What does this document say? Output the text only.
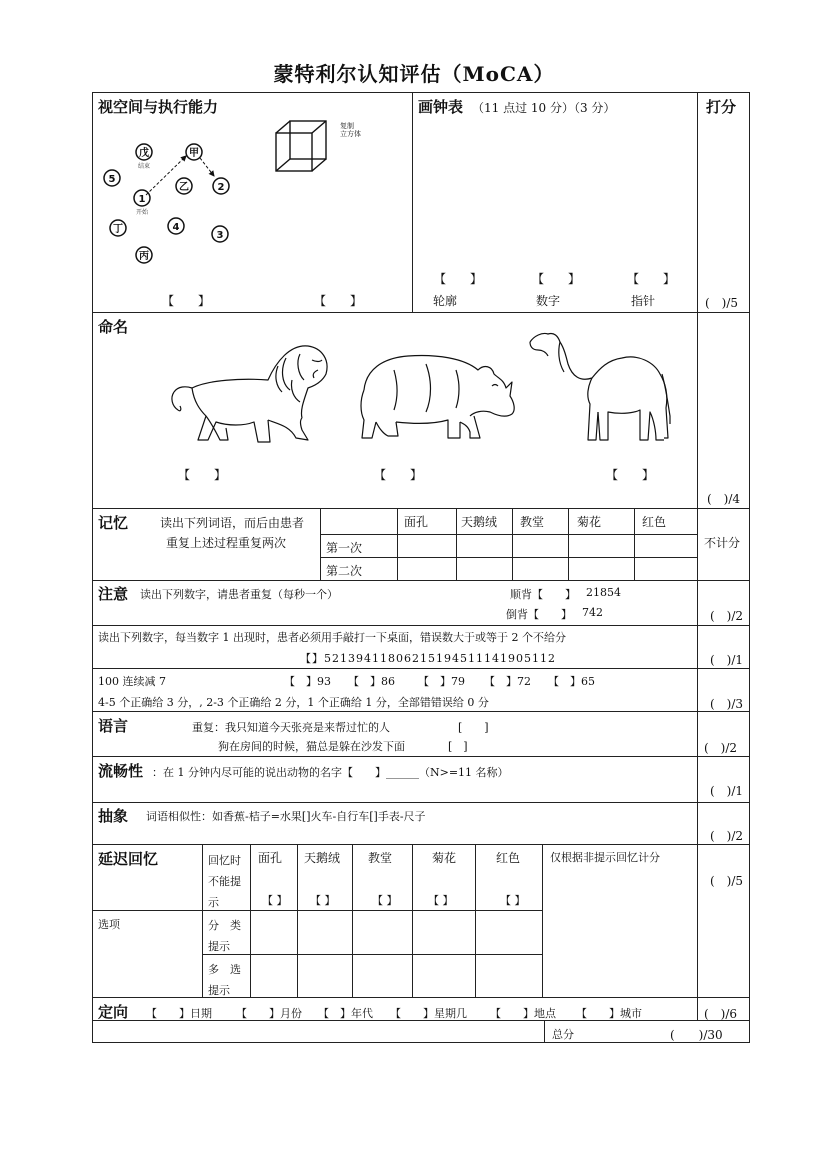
蒙特利尔认知评估（MoCA）
视空间与执行能力	画钟表 （11 点过 10 分）（3 分）	打分
复制
立方体
戊	甲
5
乙	2
1
丁	4
3
丙
结束
开始
【　　】	【　　】
【　　】	【　　】	【　　】
轮廓	数字	指针	(　)/5
命名
【　　】	【　　】	【　　】
(　)/4
记忆	读出下列词语，而后由患者
重复上述过程重复两次
面孔	天鹅绒 教堂	菊花	红色
第一次
第二次
不计分
注意 读出下列数字，请患者重复（每秒一个）	顺背【　　】 21854
倒背【　　】 742	(　)/2
读出下列数字，每当数字 1 出现时，患者必须用手敲打一下桌面，错误数大于或等于 2 个不给分
【】52139411806215194511141905112	(　)/1
100 连续减 7	【　】93 【　】86 【　】79 【　】72 【　】65
4-5 个正确给 3 分，, 2-3 个正确给 2 分，1 个正确给 1 分，全部错错误给 0 分	(　)/3
语言	重复：我只知道今天张亮是来帮过忙的人	[　　]
狗在房间的时候，猫总是躲在沙发下面	[　]	(　)/2
流畅性 ：在 1 分钟内尽可能的说出动物的名字【　　】______（N>=11 名称）
(　)/1
抽象 词语相似性：如香蕉-桔子=水果[]火车-自行车[]手表-尺子
(　)/2
延迟回忆	回忆时
不能提
示
面孔 天鹅绒 教堂	菊花	红色
【 】 【 】	【 】	【 】	【 】
仅根据非提示回忆计分
(　)/5
选项	分　类
提示
多　选
提示
定向 【　　】日期 【　　】月份 【　】年代 【　　】星期几 【　　】地点 【　　】城市	(　)/6
总分	(　　)/30
